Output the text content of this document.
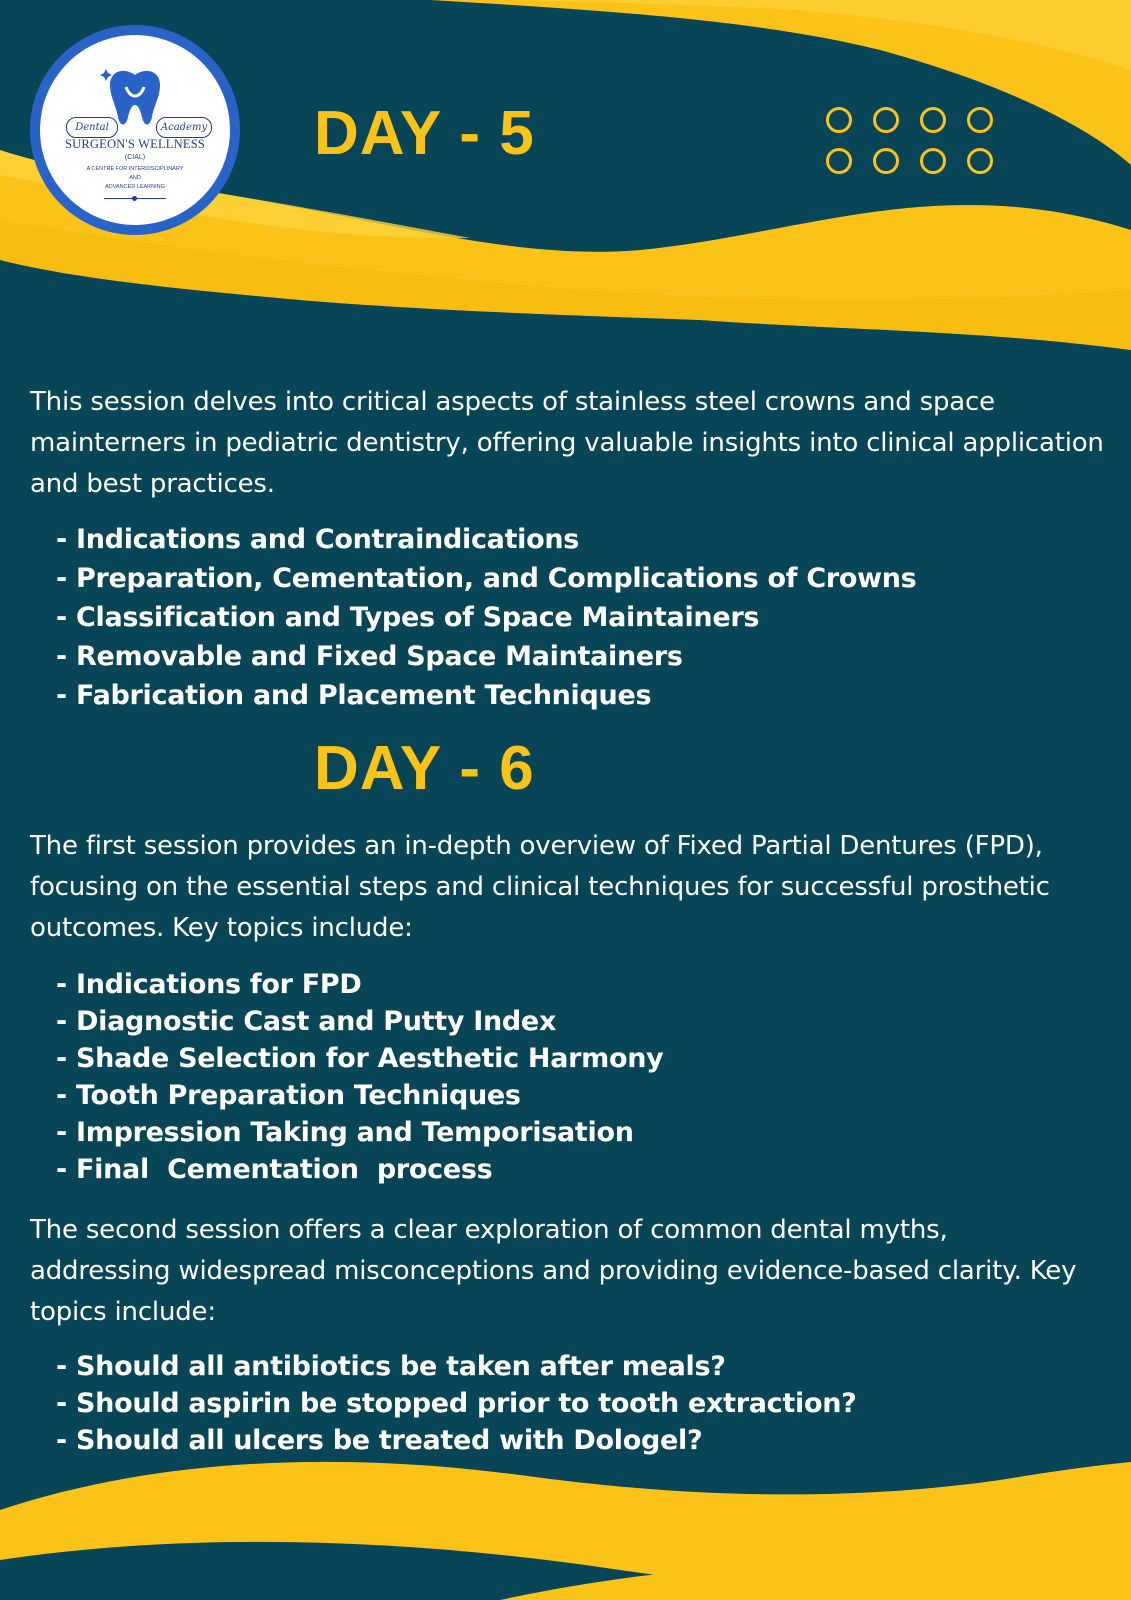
Dental	Academy
SURGEON'S WELLNESS
(CIAL)
A CENTRE FOR INTERDISCIPLINARY
AND
ADVANCED LEARNING
DAY - 5

This session delves into critical aspects of stainless steel crowns and space mainterners in pediatric dentistry, offering valuable insights into clinical application and best practices.

- Indications and Contraindications
- Preparation, Cementation, and Complications of Crowns
- Classification and Types of Space Maintainers
- Removable and Fixed Space Maintainers
- Fabrication and Placement Techniques
DAY - 6

The first session provides an in-depth overview of Fixed Partial Dentures (FPD), focusing on the essential steps and clinical techniques for successful prosthetic outcomes. Key topics include:

- Indications for FPD
- Diagnostic Cast and Putty Index
- Shade Selection for Aesthetic Harmony
- Tooth Preparation Techniques
- Impression Taking and Temporisation
- Final  Cementation  process

The second session offers a clear exploration of common dental myths, addressing widespread misconceptions and providing evidence-based clarity. Key topics include:

- Should all antibiotics be taken after meals?
- Should aspirin be stopped prior to tooth extraction?
- Should all ulcers be treated with Dologel?
